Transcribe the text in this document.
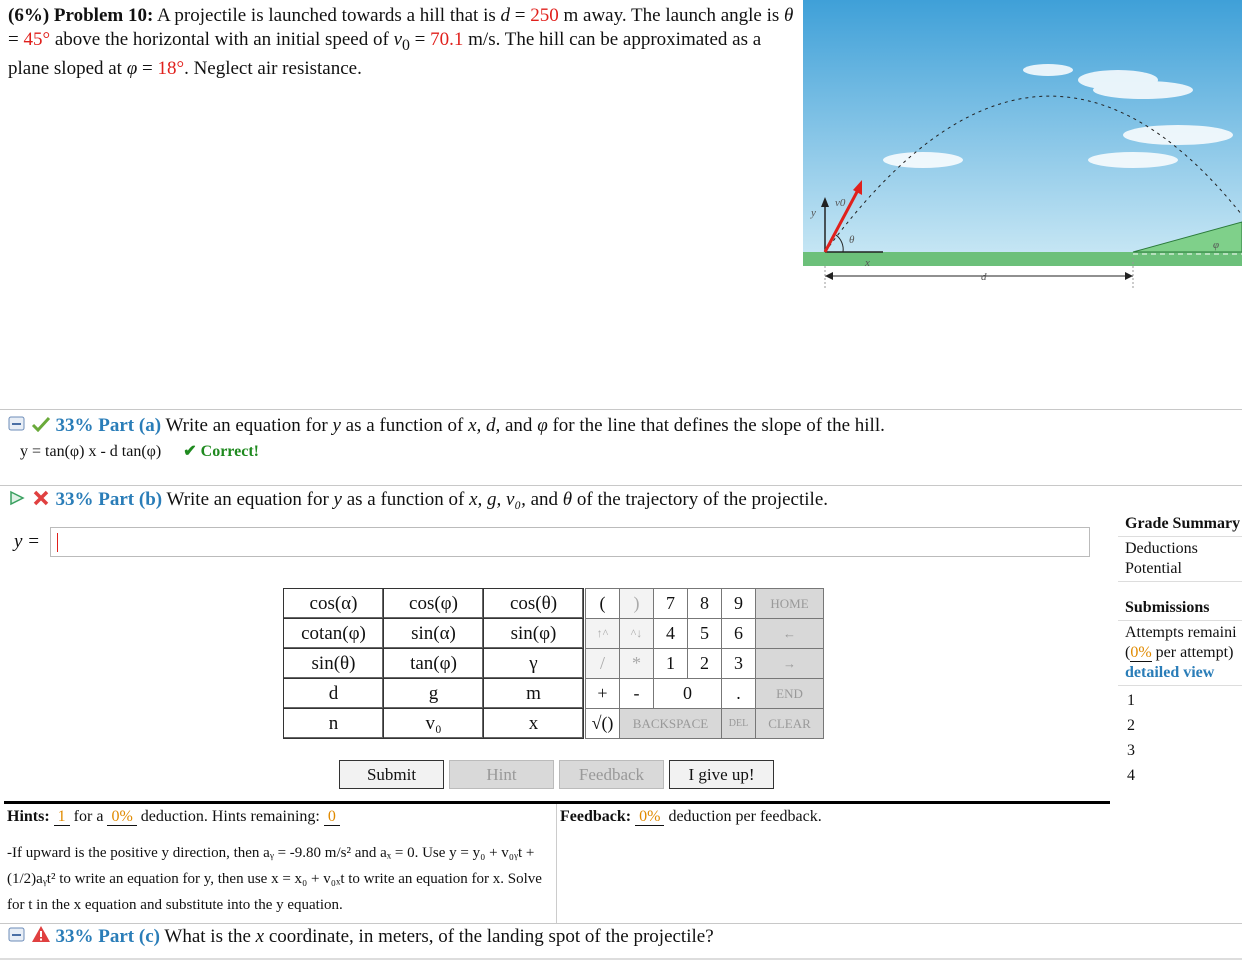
(6%) Problem 10: A projectile is launched towards a hill that is d = 250 m away. The launch angle is θ = 45° above the horizontal with an initial speed of $v_0 = 70.1$ m/s. The hill can be approximated as a plane sloped at φ = 18°. Neglect air resistance.
y
v0
θ
x
d
φ
33% Part (a) Write an equation for y as a function of x, d, and φ for the line that defines the slope of the hill.
y = tan(φ) x - d tan(φ) ✔ Correct!
33% Part (b) Write an equation for y as a function of x, g, v₀, and θ of the trajectory of the projectile.
y =
cos(α)	cos(φ)	cos(θ)
cotan(φ)	sin(α)	sin(φ)
sin(θ)	tan(φ)	γ
d	g	m
n	v₀	x
(	)	7	8	9	HOME
↑^	^↓	4	5	6	←
/	*	1	2	3	→
+	-	0		.	END
√()	BACKSPACE			DEL	CLEAR
Submit	Hint	Feedback	I give up!
Grade Summary
Deductions
Potential
Submissions
Attempts remaini
(0% per attempt)
detailed view
1
2
3
4
Hints: 1 for a 0% deduction. Hints remaining: 0
-If upward is the positive y direction, then aᵧ = -9.80 m/s² and aₓ = 0. Use y = y₀ + v₀ᵧt + (1/2)aᵧt² to write an equation for y, then use x = x₀ + v₀ₓt to write an equation for x. Solve for t in the x equation and substitute into the y equation.
Feedback: 0% deduction per feedback.
33% Part (c) What is the x coordinate, in meters, of the landing spot of the projectile?
